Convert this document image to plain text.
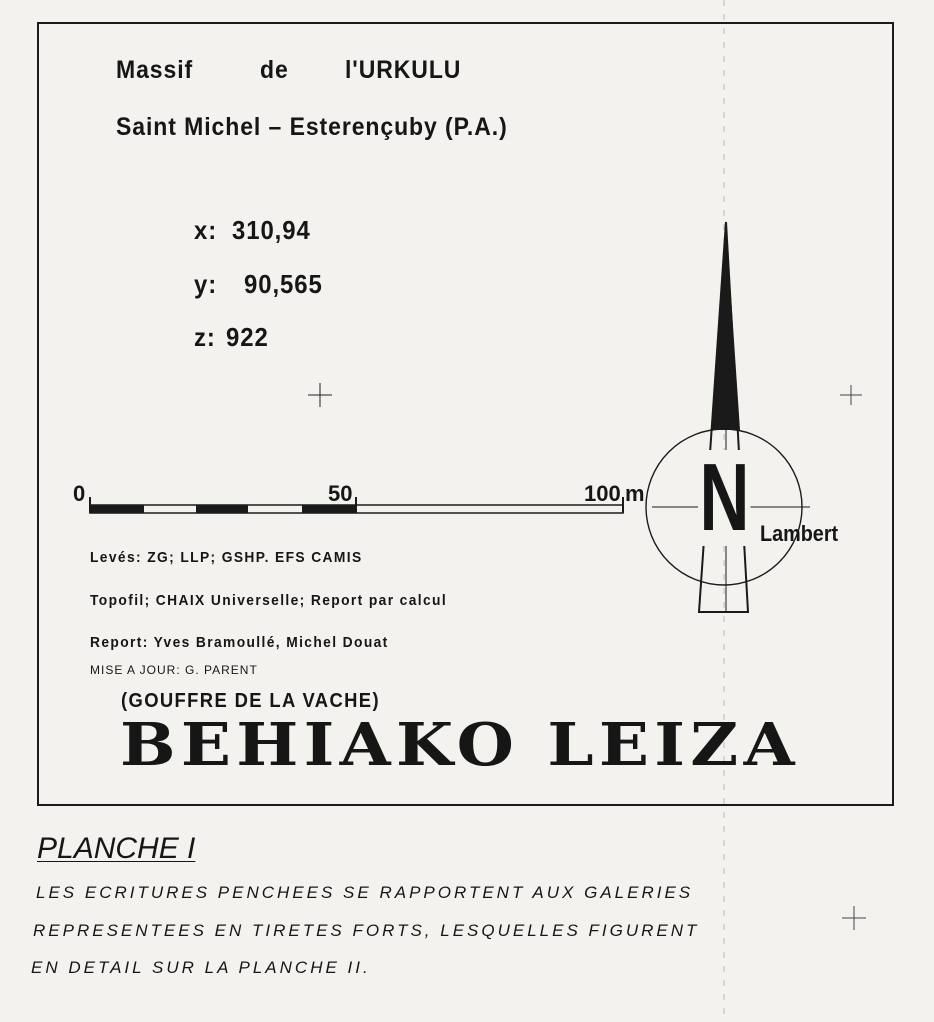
Massif	de l'URKULU
Saint Michel – Esterençuby (P.A.)
x: 310,94
y: 90,565
z: 922
0	50	100 m N Lambert
Levés: ZG; LLP; GSHP. EFS CAMIS
Topofil; CHAIX Universelle; Report par calcul
Report: Yves Bramoullé, Michel Douat
MISE A JOUR: G. PARENT
(GOUFFRE DE LA VACHE)
BEHIAKO LEIZA
PLANCHE I
LES ECRITURES PENCHEES SE RAPPORTENT AUX GALERIES
REPRESENTEES EN TIRETES FORTS, LESQUELLES FIGURENT
EN DETAIL SUR LA PLANCHE II.
